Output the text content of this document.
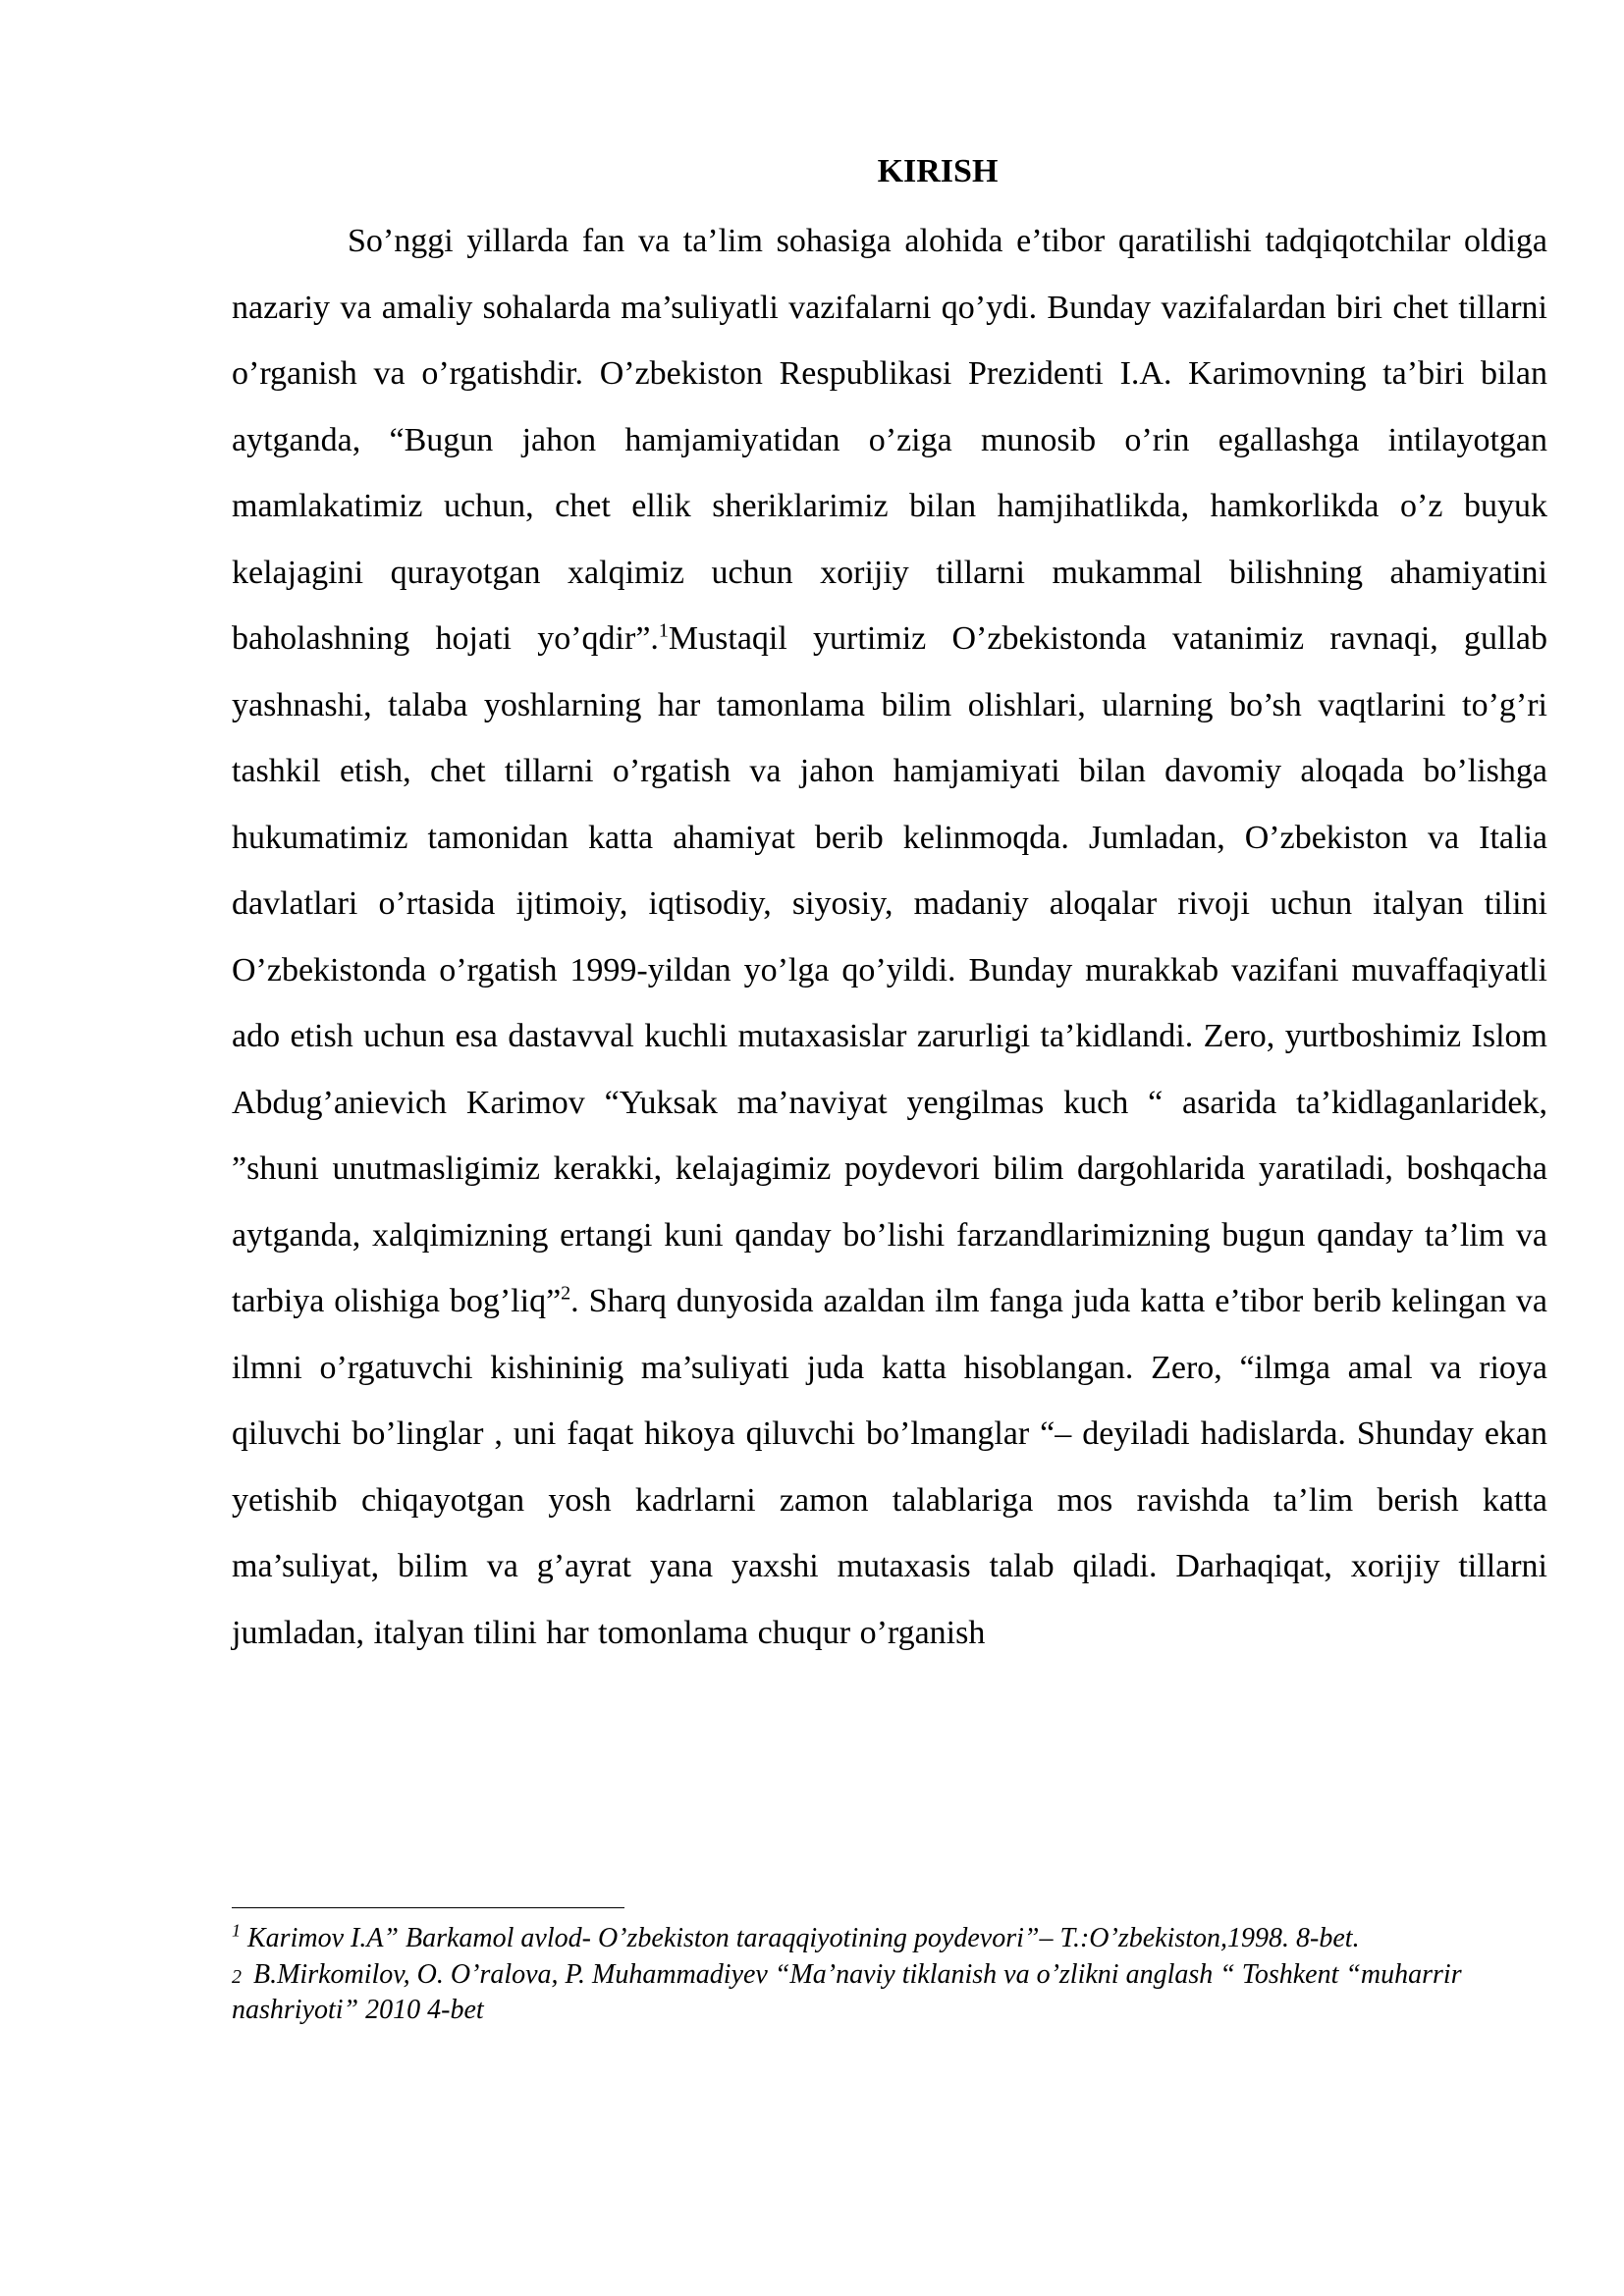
KIRISH

So’nggi yillarda fan va ta’lim sohasiga alohida e’tibor qaratilishi tadqiqotchilar oldiga nazariy va amaliy sohalarda ma’suliyatli vazifalarni qo’ydi. Bunday vazifalardan biri chet tillarni o’rganish va o’rgatishdir. O’zbekiston Respublikasi Prezidenti I.A. Karimovning ta’biri bilan aytganda, “Bugun jahon hamjamiyatidan o’ziga munosib o’rin egallashga intilayotgan mamlakatimiz uchun, chet ellik sheriklarimiz bilan hamjihatlikda, hamkorlikda o’z buyuk kelajagini qurayotgan xalqimiz uchun xorijiy tillarni mukammal bilishning ahamiyatini baholashning hojati yo’qdir”.$^1$Mustaqil yurtimiz O’zbekistonda vatanimiz ravnaqi, gullab yashnashi, talaba yoshlarning har tamonlama bilim olishlari, ularning bo’sh vaqtlarini to’g’ri tashkil etish, chet tillarni o’rgatish va jahon hamjamiyati bilan davomiy aloqada bo’lishga hukumatimiz tamonidan katta ahamiyat berib kelinmoqda. Jumladan, O’zbekiston va Italia davlatlari o’rtasida ijtimoiy, iqtisodiy, siyosiy, madaniy aloqalar rivoji uchun italyan tilini O’zbekistonda o’rgatish 1999-yildan yo’lga qo’yildi. Bunday murakkab vazifani muvaffaqiyatli ado etish uchun esa dastavval kuchli mutaxasislar zarurligi ta’kidlandi. Zero, yurtboshimiz Islom Abdug’anievich Karimov “Yuksak ma’naviyat yengilmas kuch “ asarida ta’kidlaganlaridek, ”shuni unutmasligimiz kerakki, kelajagimiz poydevori bilim dargohlarida yaratiladi, boshqacha aytganda, xalqimizning ertangi kuni qanday bo’lishi farzandlarimizning bugun qanday ta’lim va tarbiya olishiga bog’liq”$^2$. Sharq dunyosida azaldan ilm fanga juda katta e’tibor berib kelingan va ilmni o’rgatuvchi kishininig ma’suliyati juda katta hisoblangan. Zero, “ilmga amal va rioya qiluvchi bo’linglar , uni faqat hikoya qiluvchi bo’lmanglar “– deyiladi hadislarda. Shunday ekan yetishib chiqayotgan yosh kadrlarni zamon talablariga mos ravishda ta’lim berish katta ma’suliyat, bilim va g’ayrat yana yaxshi mutaxasis talab qiladi. Darhaqiqat, xorijiy tillarni jumladan, italyan tilini har tomonlama chuqur o’rganish

$^1$ Karimov I.A” Barkamol avlod- O’zbekiston taraqqiyotining poydevori”– T.:O’zbekiston,1998. 8-bet.

2 B.Mirkomilov, O. O’ralova, P. Muhammadiyev “Ma’naviy tiklanish va o’zlikni anglash “ Toshkent “muharrir nashriyoti” 2010 4-bet
